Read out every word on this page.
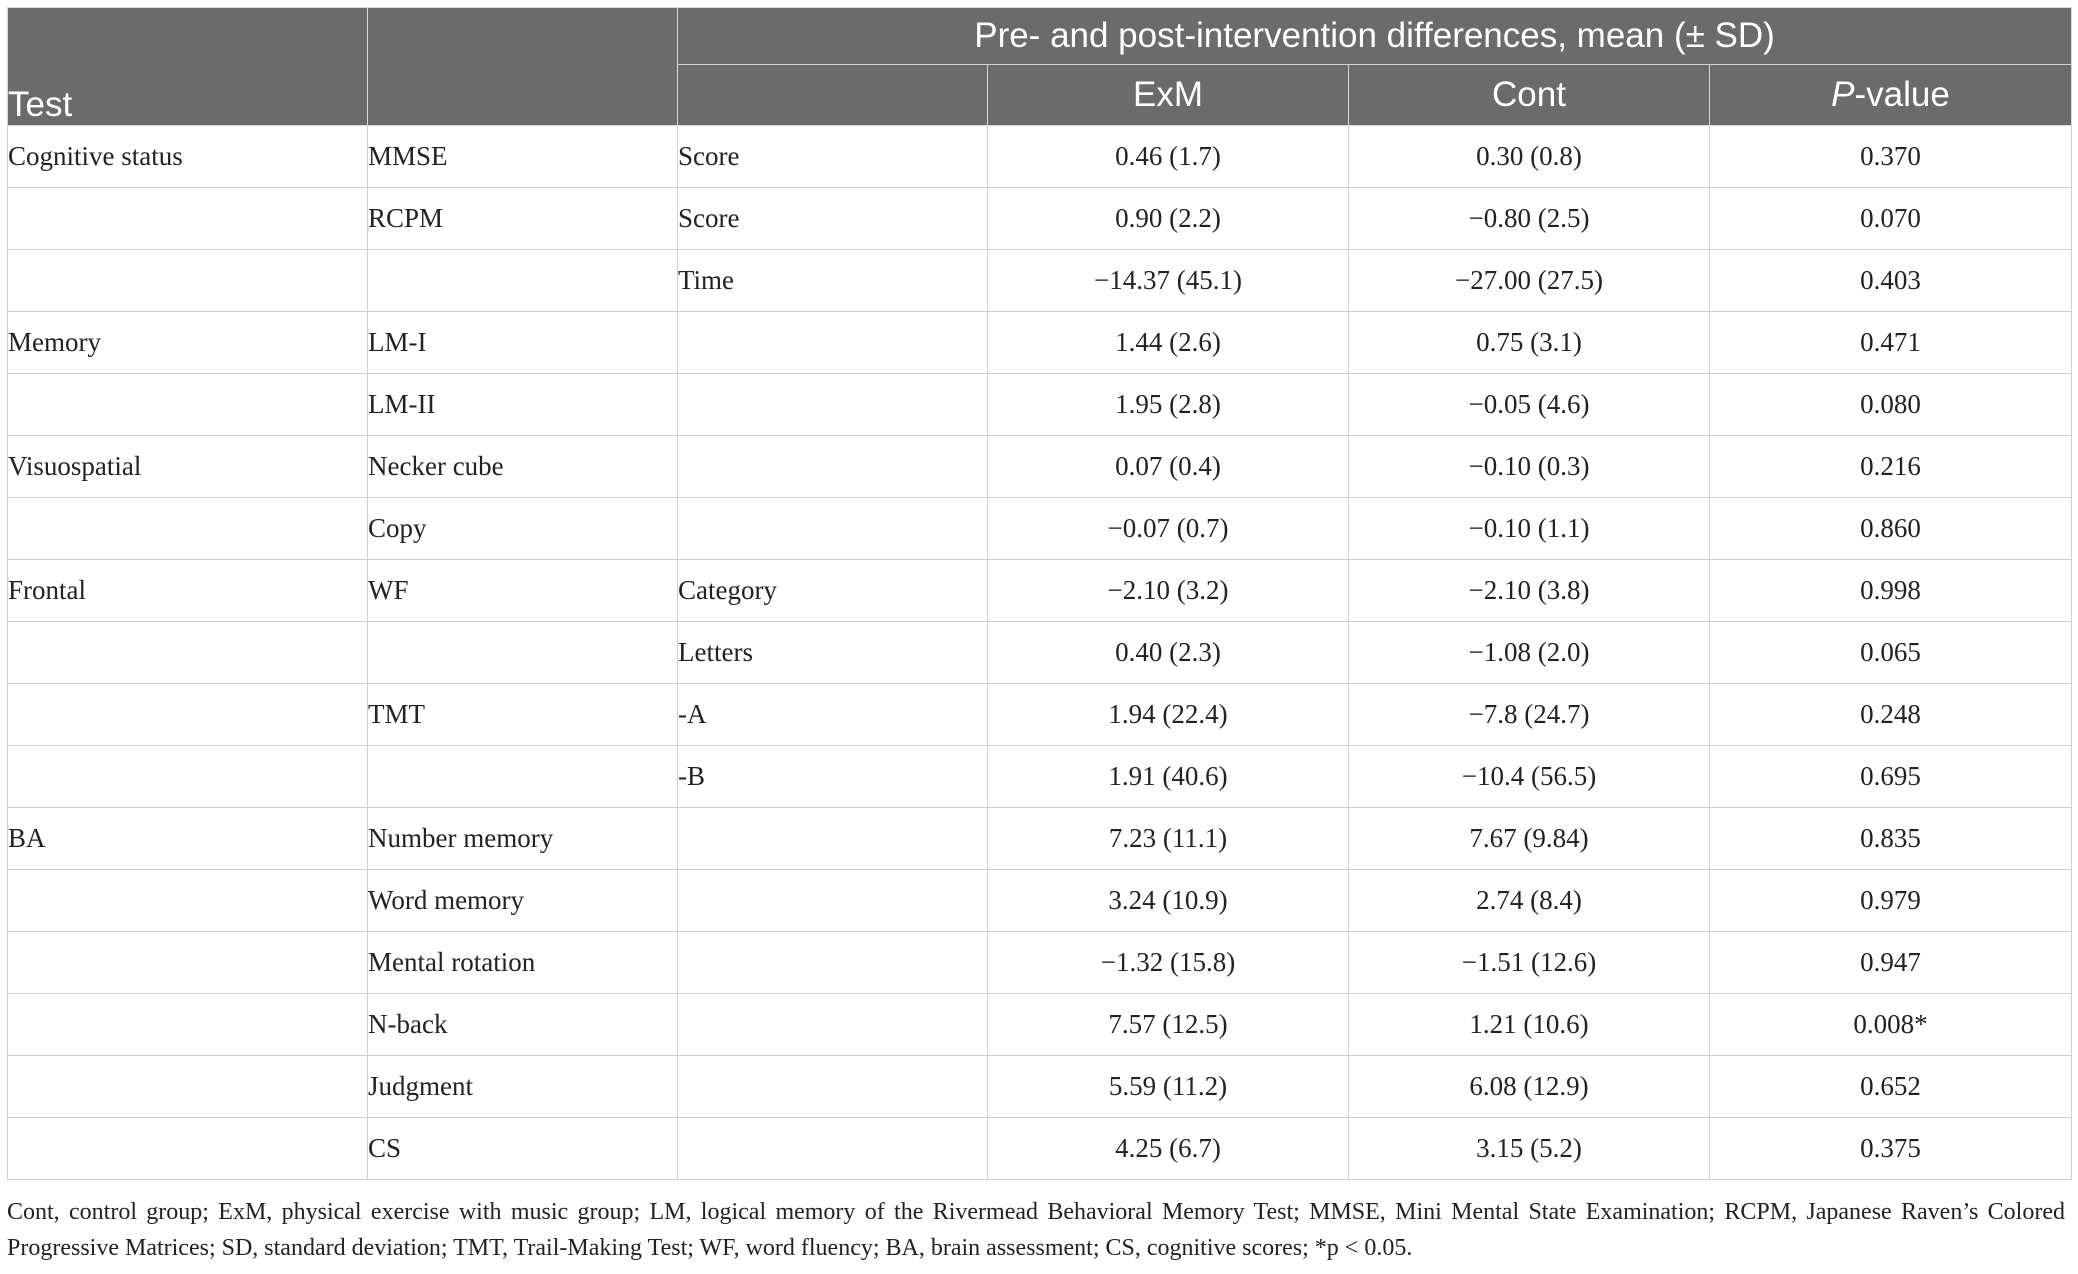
Test		Pre- and post-intervention differences, mean (± SD)			
			ExM	Cont	P-value
Cognitive status	MMSE	Score	0.46 (1.7)	0.30 (0.8)	0.370
	RCPM	Score	0.90 (2.2)	−0.80 (2.5)	0.070
		Time	−14.37 (45.1)	−27.00 (27.5)	0.403
Memory	LM-I		1.44 (2.6)	0.75 (3.1)	0.471
	LM-II		1.95 (2.8)	−0.05 (4.6)	0.080
Visuospatial	Necker cube		0.07 (0.4)	−0.10 (0.3)	0.216
	Copy		−0.07 (0.7)	−0.10 (1.1)	0.860
Frontal	WF	Category	−2.10 (3.2)	−2.10 (3.8)	0.998
		Letters	0.40 (2.3)	−1.08 (2.0)	0.065
	TMT	-A	1.94 (22.4)	−7.8 (24.7)	0.248
		-B	1.91 (40.6)	−10.4 (56.5)	0.695
BA	Number memory		7.23 (11.1)	7.67 (9.84)	0.835
	Word memory		3.24 (10.9)	2.74 (8.4)	0.979
	Mental rotation		−1.32 (15.8)	−1.51 (12.6)	0.947
	N-back		7.57 (12.5)	1.21 (10.6)	0.008*
	Judgment		5.59 (11.2)	6.08 (12.9)	0.652
	CS		4.25 (6.7)	3.15 (5.2)	0.375
Cont, control group; ExM, physical exercise with music group; LM, logical memory of the Rivermead Behavioral Memory Test; MMSE, Mini Mental State Examination; RCPM, Japanese Raven’s Colored Progressive Matrices; SD, standard deviation; TMT, Trail-Making Test; WF, word fluency; BA, brain assessment; CS, cognitive scores; *p < 0.05.
